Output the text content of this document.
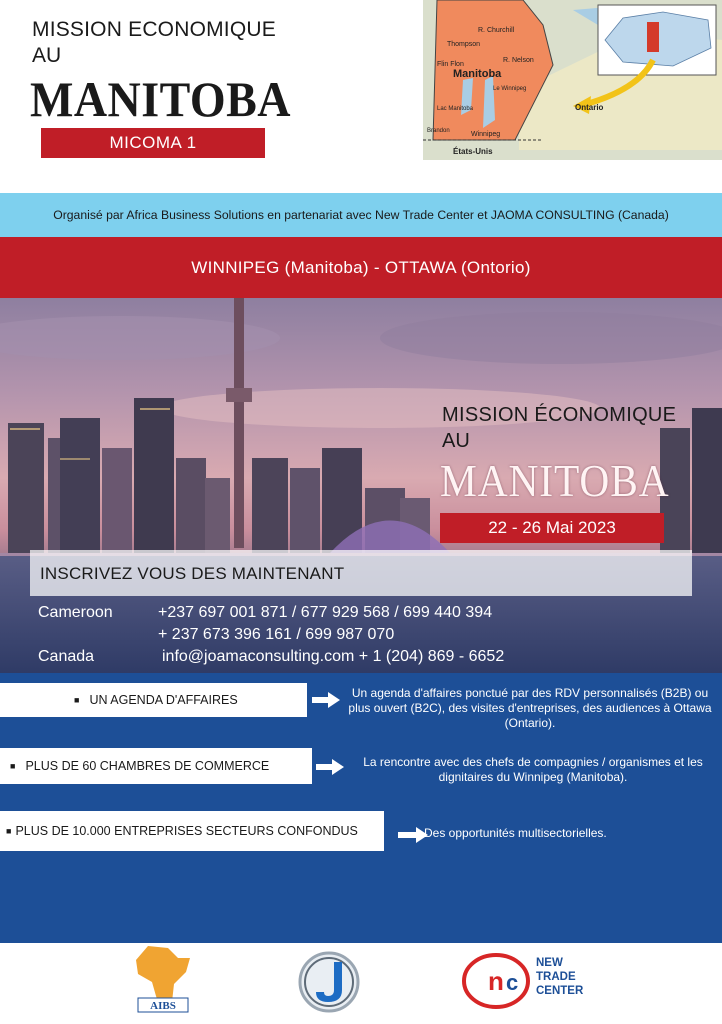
MISSION ECONOMIQUE
AU
MANITOBA
MICOMA 1
R. Churchill
Thompson
R. Nelson
Flin Flon
Manitoba
Le Winnipeg
Lac Manitoba
Brandon	Winnipeg
Ontario
États-Unis
Organisé par Africa Business Solutions en partenariat avec New Trade Center et JAOMA CONSULTING (Canada)
WINNIPEG (Manitoba) - OTTAWA (Ontorio)
MISSION ÉCONOMIQUE
AU
MANITOBA
22 - 26 Mai 2023
INSCRIVEZ VOUS DES MAINTENANT
Cameroon	+237 697 001 871 / 677 929 568 / 699 440 394
+ 237 673 396 161 / 699 987 070
Canada	info@joamaconsulting.com + 1 (204) 869 - 6652
■ UN AGENDA D'AFFAIRES	Un agenda d'affaires ponctué par des RDV personnalisés (B2B) ou plus ouvert (B2C), des visites d'entreprises, des audiences à Ottawa (Ontario).
■ PLUS DE 60 CHAMBRES DE COMMERCE	La rencontre avec des chefs de compagnies / organismes et les dignitaires du Winnipeg (Manitoba).
■ PLUS DE 10.000 ENTREPRISES SECTEURS CONFONDUS	Des opportunités multisectorielles.
AIBS
n c
NEW
TRADE
CENTER
